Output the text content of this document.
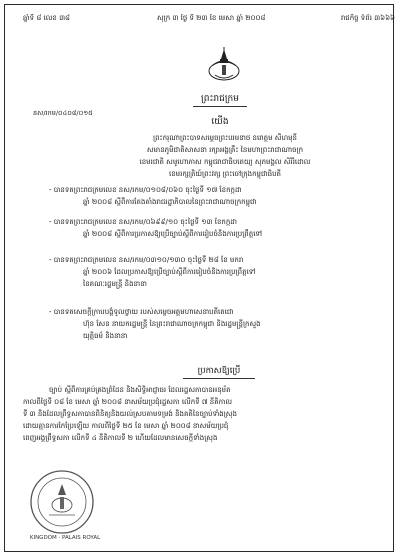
ឆ្នាំទី ៨ លេខ ៣៨	សុក្រ ៣ ថ្ងៃ ទី ២៣ ខែ មេសា ឆ្នាំ ២០០៨	រាជកិច្ច ទំព័រ ៣៦៦៦
ព្រះរាជក្រម
នស/រកម/០៤០៨/០១៥
យើង
ព្រះករុណាព្រះបាទសម្តេចព្រះបរមនាថ នរោត្តម សីហមុនី
សមានភូមិជាតិសាសនា រក្សាអង្គគ្រឹះ នៃមហាព្រះរាជាណាចក្រ
ខេមរជាតិ សមូហោភាស កម្ពុជរាជាធិបតេយ្យ សុភមង្គល សិរីរំដោល
ខេមរក្សត្រិយ៍ព្រះវត្ស ព្រះចៅក្រុងកម្ពុជាធិបតី
- បានទតព្រះរាជក្រមលេខ នស/រកម/០១០៨/០៦០ ចុះថ្ងៃទី ១៧ ខែកក្កដា
ឆ្នាំ ២០០៨ ស្តីពីការតែងតាំងរាជរដ្ឋាភិបាលនៃព្រះរាជាណាចក្រកម្ពុជា
- បានទតព្រះរាជក្រមលេខ នស/រកម/០៦៩៩/១០ ចុះថ្ងៃទី ១៣ ខែកក្កដា
ឆ្នាំ ២០០៨ ស្តីពីការប្រកាសឱ្យប្រើច្បាប់ស្តីពីការរៀបចំនិងការប្រព្រឹត្តទៅ
- បានទតព្រះរាជក្រមលេខ នស/រកម/០៣១០/១៣០ ចុះថ្ងៃទី ២៨ ខែ មករា
ឆ្នាំ ២០០៦ ដែលប្រកាសឱ្យប្រើច្បាប់ស្តីពីការរៀបចំនិងការប្រព្រឹត្តទៅ
នៃគណៈរដ្ឋមន្ត្រី និងនានា
- បានទតសេចក្តីក្រាបបង្គំទូលថ្វាយ របស់សម្តេចអគ្គមហាសេនាបតីតេជោ
ហ៊ុន សែន នាយករដ្ឋមន្ត្រី នៃព្រះរាជាណាចក្រកម្ពុជា និងរដ្ឋមន្ត្រីក្រសួង
យុត្តិធម៌ និងនានា
ប្រកាសឱ្យប្រើ
ច្បាប់ ស្តីពីការគ្រប់គ្រងព្រំដែន និងសិទ្ធិអាជ្ញាធរ ដែលរដ្ឋសភាបានអនុម័ត
កាលពីថ្ងៃទី ០៨ ខែ មេសា ឆ្នាំ ២០០៨ នាសម័យប្រជុំរដ្ឋសភា លើកទី ៧ នីតិកាល
ទី ៣ និងដែលព្រឹទ្ធសភាបានពិនិត្យនិងយល់ស្របតាមទម្រង់ និងគតិនៃច្បាប់ទាំងស្រុង
ដោយគ្មានការកែប្រែឡើយ កាលពីថ្ងៃទី ២៥ ខែ មេសា ឆ្នាំ ២០០៨ នាសម័យប្រជុំ
ពេញអង្គព្រឹទ្ធសភា លើកទី ៤ នីតិកាលទី ២ ហើយដែលមានសេចក្តីទាំងស្រុង
KINGDOM · PALAIS ROYAL
